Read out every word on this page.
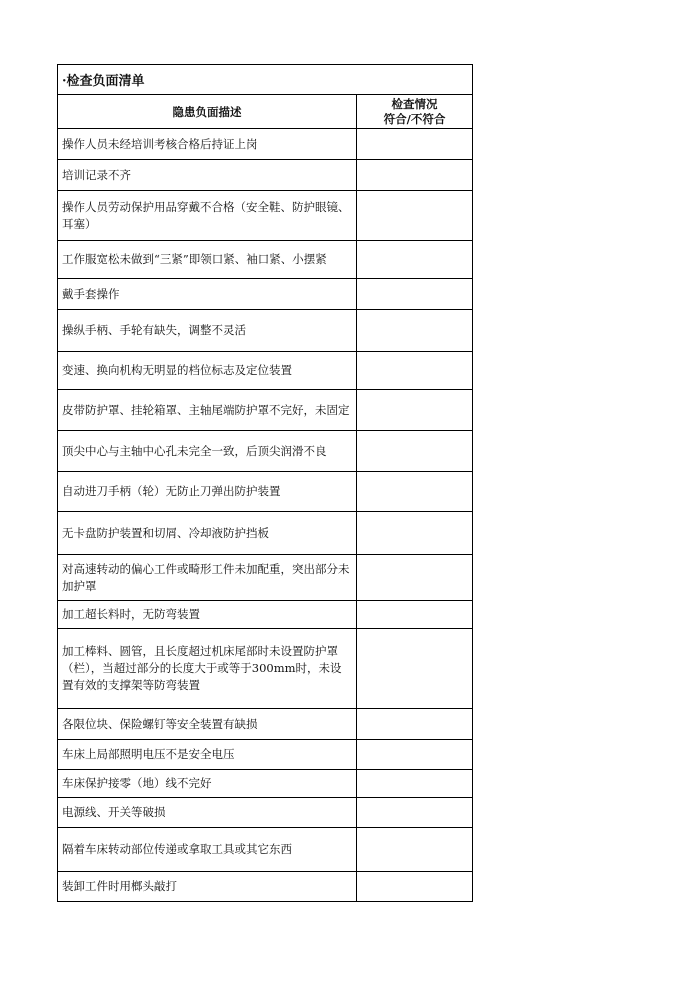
·检查负面清单	
隐患负面描述	检查情况
符合/不符合

操作人员未经培训考核合格后持证上岗	
培训记录不齐	
操作人员劳动保护用品穿戴不合格（安全鞋、防护眼镜、耳塞）	
工作服宽松未做到“三紧”即领口紧、袖口紧、小摆紧	
戴手套操作	
操纵手柄、手轮有缺失，调整不灵活	
变速、换向机构无明显的档位标志及定位装置	
皮带防护罩、挂轮箱罩、主轴尾端防护罩不完好，未固定	
顶尖中心与主轴中心孔未完全一致，后顶尖润滑不良	
自动进刀手柄（轮）无防止刀弹出防护装置	
无卡盘防护装置和切屑、冷却液防护挡板	
对高速转动的偏心工件或畸形工件未加配重，突出部分未加护罩	
加工超长料时，无防弯装置	
加工棒料、圆管，且长度超过机床尾部时未设置防护罩（栏），当超过部分的长度大于或等于300mm时，未设置有效的支撑架等防弯装置	
各限位块、保险螺钉等安全装置有缺损	
车床上局部照明电压不是安全电压	
车床保护接零（地）线不完好	
电源线、开关等破损	
隔着车床转动部位传递或拿取工具或其它东西	
装卸工件时用榔头敲打	
